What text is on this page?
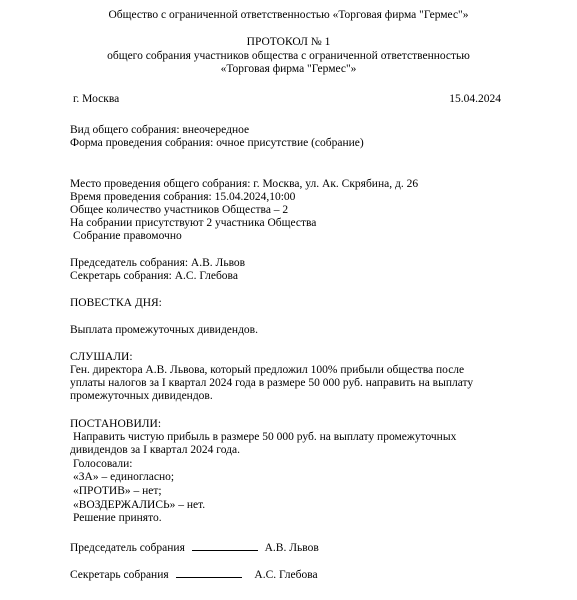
Общество с ограниченной ответственностью «Торговая фирма "Гермес"»
ПРОТОКОЛ № 1
общего собрания участников общества с ограниченной ответственностью
«Торговая фирма "Гермес"»
г. Москва	15.04.2024
Вид общего собрания: внеочередное
Форма проведения собрания: очное присутствие (собрание)
Место проведения общего собрания: г. Москва, ул. Ак. Скрябина, д. 26
Время проведения собрания: 15.04.2024,10:00
Общее количество участников Общества – 2
На собрании присутствуют 2 участника Общества
Собрание правомочно
Председатель собрания: А.В. Львов
Секретарь собрания: А.С. Глебова
ПОВЕСТКА ДНЯ:
Выплата промежуточных дивидендов.
СЛУШАЛИ:
Ген. директора А.В. Львова, который предложил 100% прибыли общества после
уплаты налогов за I квартал 2024 года в размере 50 000 руб. направить на выплату
промежуточных дивидендов.
ПОСТАНОВИЛИ:
Направить чистую прибыль в размере 50 000 руб. на выплату промежуточных
дивидендов за I квартал 2024 года.
Голосовали:
«ЗА» – единогласно;
«ПРОТИВ» – нет;
«ВОЗДЕРЖАЛИСЬ» – нет.
Решение принято.
Председатель собрания	А.В. Львов
Секретарь собрания	А.С. Глебова
